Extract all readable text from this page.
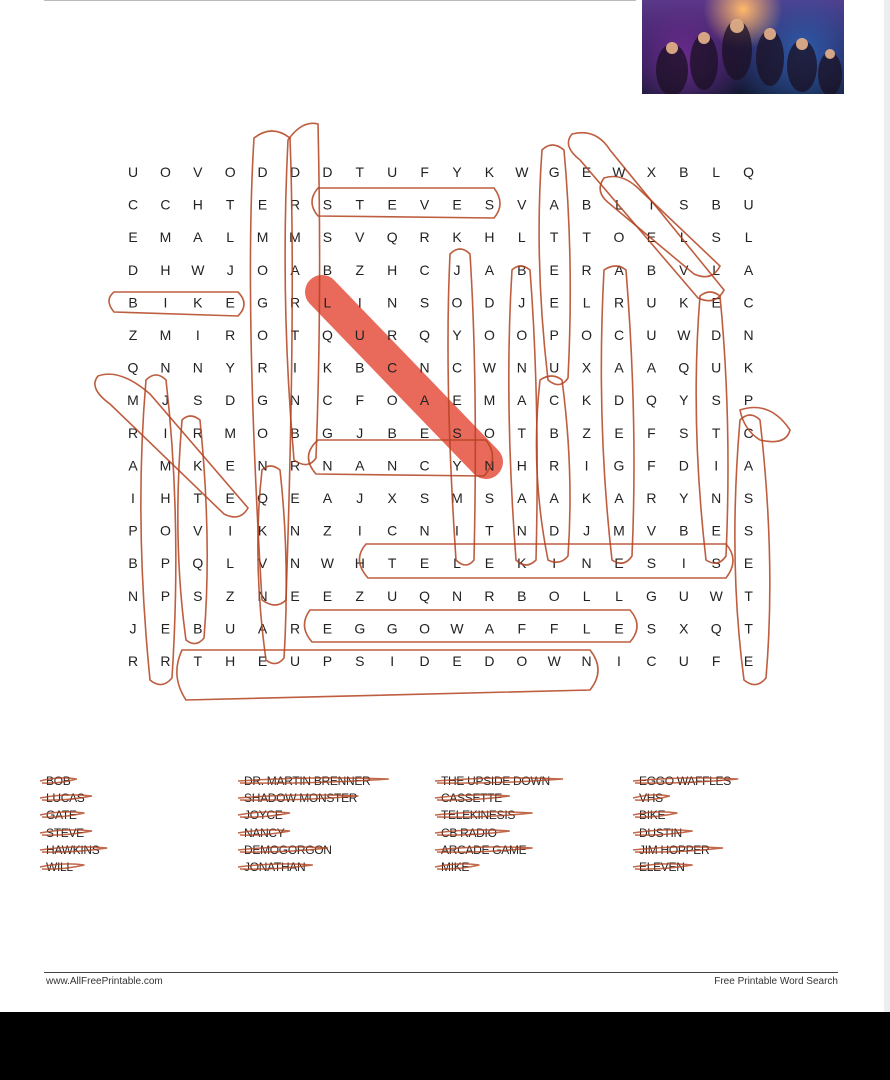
U O V O D D D T U F Y K W G E W X B L Q
C C H T E R S T E V E S V A B L I S B U
E M A L M M S V Q R K H L T T O E L S L
D H W J O A B Z H C J A B E R A B V L A
B I K E G R L I N S O D J E L R U K E C
Z M I R O T Q U R Q Y O O P O C U W D N
Q N N Y R I K B C N C W N U X A A Q U K
M J S D G N C F O A E M A C K D Q Y S P
R I R M O B G J B E S O T B Z E F S T C
A M K E N R N A N C Y N H R I G F D I A
I H T E Q E A J X S M S A A K A R Y N S
P O V I K N Z I C N I T N D J M V B E S
B P Q L V N W H T E L E K I N E S I S E
N P S Z N E E Z U Q N R B O L L G U W T
J E B U A R E G G O W A F F L E S X Q T
R R T H E U P S I D E D O W N I C U F E
BOB
LUCAS
GATE
STEVE
HAWKINS
WILL
DR. MARTIN BRENNER
SHADOW MONSTER
JOYCE
NANCY
DEMOGORGON
JONATHAN
THE UPSIDE DOWN
CASSETTE
TELEKINESIS
CB RADIO
ARCADE GAME
MIKE
EGGO WAFFLES
VHS
BIKE
DUSTIN
JIM HOPPER
ELEVEN
www.AllFreePrintable.com	Free Printable Word Search
